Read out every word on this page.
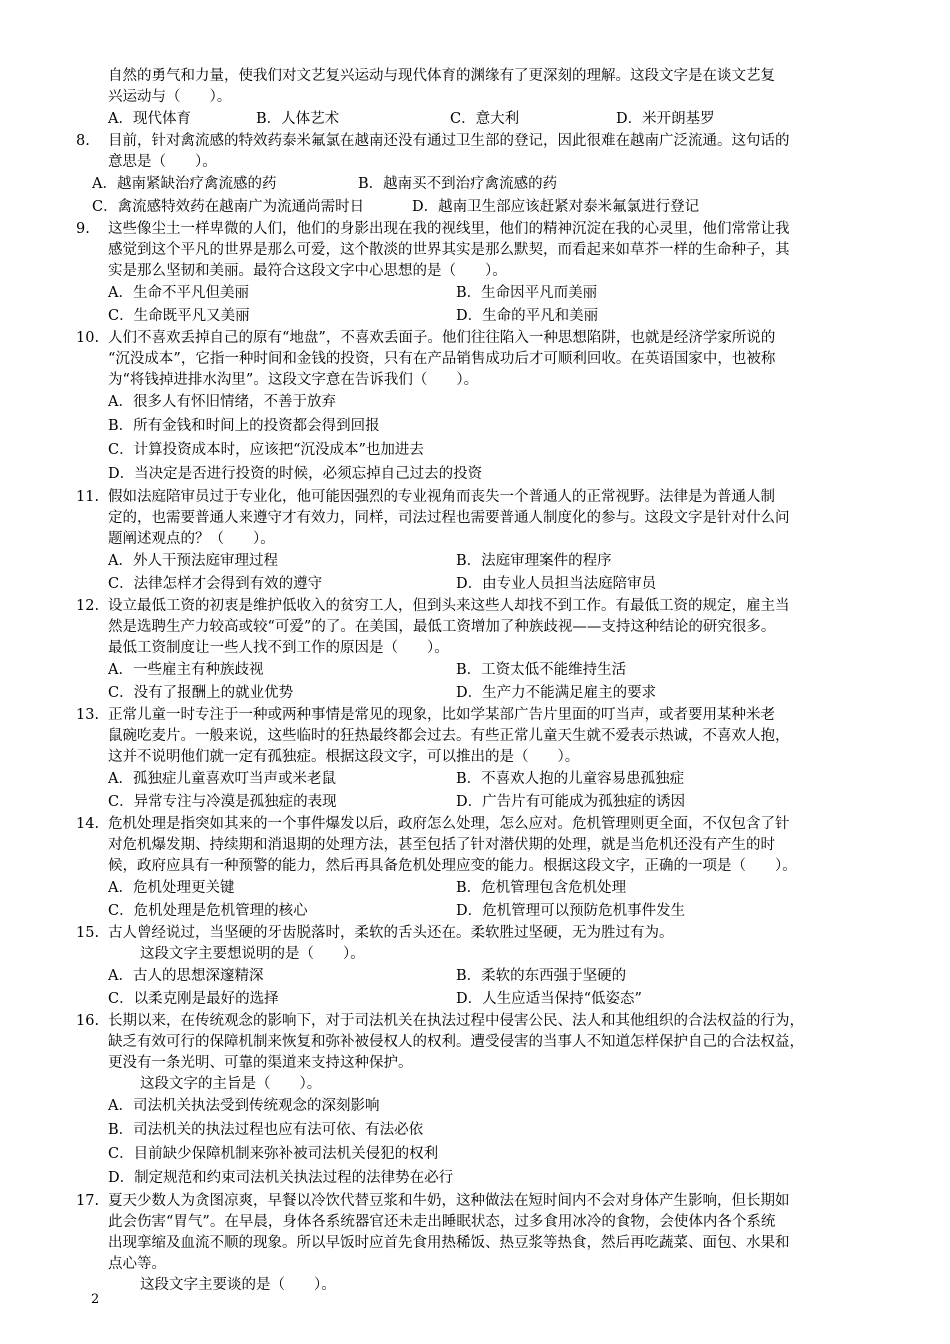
自然的勇气和力量，使我们对文艺复兴运动与现代体育的渊缘有了更深刻的理解。这段文字是在谈文艺复
兴运动与（　　）。
A．现代体育	B．人体艺术	C．意大利	D．米开朗基罗
8. 目前，针对禽流感的特效药泰米氟氯在越南还没有通过卫生部的登记，因此很难在越南广泛流通。这句话的
意思是（　　）。
A．越南紧缺治疗禽流感的药	B．越南买不到治疗禽流感的药
C．禽流感特效药在越南广为流通尚需时日	D．越南卫生部应该赶紧对泰米氟氯进行登记
9. 这些像尘土一样卑微的人们，他们的身影出现在我的视线里，他们的精神沉淀在我的心灵里，他们常常让我
感觉到这个平凡的世界是那么可爱，这个散淡的世界其实是那么默契，而看起来如草芥一样的生命种子，其
实是那么坚韧和美丽。最符合这段文字中心思想的是（　　）。
A．生命不平凡但美丽	B．生命因平凡而美丽
C．生命既平凡又美丽	D．生命的平凡和美丽
10. 人们不喜欢丢掉自己的原有“地盘”，不喜欢丢面子。他们往往陷入一种思想陷阱，也就是经济学家所说的
“沉没成本”，它指一种时间和金钱的投资，只有在产品销售成功后才可顺利回收。在英语国家中，也被称
为“将钱掉进排水沟里”。这段文字意在告诉我们（　　）。
A．很多人有怀旧情绪，不善于放弃
B．所有金钱和时间上的投资都会得到回报
C．计算投资成本时，应该把“沉没成本”也加进去
D．当决定是否进行投资的时候，必须忘掉自己过去的投资
11. 假如法庭陪审员过于专业化，他可能因强烈的专业视角而丧失一个普通人的正常视野。法律是为普通人制
定的，也需要普通人来遵守才有效力，同样，司法过程也需要普通人制度化的参与。这段文字是针对什么问
题阐述观点的？（　　）。
A．外人干预法庭审理过程	B．法庭审理案件的程序
C．法律怎样才会得到有效的遵守	D．由专业人员担当法庭陪审员
12. 设立最低工资的初衷是维护低收入的贫穷工人，但到头来这些人却找不到工作。有最低工资的规定，雇主当
然是选聘生产力较高或较“可爱”的了。在美国，最低工资增加了种族歧视——支持这种结论的研究很多。
最低工资制度让一些人找不到工作的原因是（　　）。
A．一些雇主有种族歧视	B．工资太低不能维持生活
C．没有了报酬上的就业优势	D．生产力不能满足雇主的要求
13. 正常儿童一时专注于一种或两种事情是常见的现象，比如学某部广告片里面的叮当声，或者要用某种米老
鼠碗吃麦片。一般来说，这些临时的狂热最终都会过去。有些正常儿童天生就不爱表示热诚，不喜欢人抱，
这并不说明他们就一定有孤独症。根据这段文字，可以推出的是（　　）。
A．孤独症儿童喜欢叮当声或米老鼠	B．不喜欢人抱的儿童容易患孤独症
C．异常专注与冷漠是孤独症的表现	D．广告片有可能成为孤独症的诱因
14. 危机处理是指突如其来的一个事件爆发以后，政府怎么处理，怎么应对。危机管理则更全面，不仅包含了针
对危机爆发期、持续期和消退期的处理方法，甚至包括了针对潜伏期的处理，就是当危机还没有产生的时
候，政府应具有一种预警的能力，然后再具备危机处理应变的能力。根据这段文字，正确的一项是（　　）。
A．危机处理更关键	B．危机管理包含危机处理
C．危机处理是危机管理的核心	D．危机管理可以预防危机事件发生
15. 古人曾经说过，当坚硬的牙齿脱落时，柔软的舌头还在。柔软胜过坚硬，无为胜过有为。
这段文字主要想说明的是（　　）。
A．古人的思想深邃精深	B．柔软的东西强于坚硬的
C．以柔克刚是最好的选择	D．人生应适当保持“低姿态”
16. 长期以来，在传统观念的影响下，对于司法机关在执法过程中侵害公民、法人和其他组织的合法权益的行为，
缺乏有效可行的保障机制来恢复和弥补被侵权人的权利。遭受侵害的当事人不知道怎样保护自己的合法权益，
更没有一条光明、可靠的渠道来支持这种保护。
这段文字的主旨是（　　）。
A．司法机关执法受到传统观念的深刻影响
B．司法机关的执法过程也应有法可依、有法必依
C．目前缺少保障机制来弥补被司法机关侵犯的权利
D．制定规范和约束司法机关执法过程的法律势在必行
17. 夏天少数人为贪图凉爽，早餐以冷饮代替豆浆和牛奶，这种做法在短时间内不会对身体产生影响，但长期如
此会伤害“胃气”。在早晨，身体各系统器官还未走出睡眠状态，过多食用冰冷的食物，会使体内各个系统
出现挛缩及血流不顺的现象。所以早饭时应首先食用热稀饭、热豆浆等热食，然后再吃蔬菜、面包、水果和
点心等。
这段文字主要谈的是（　　）。
2
